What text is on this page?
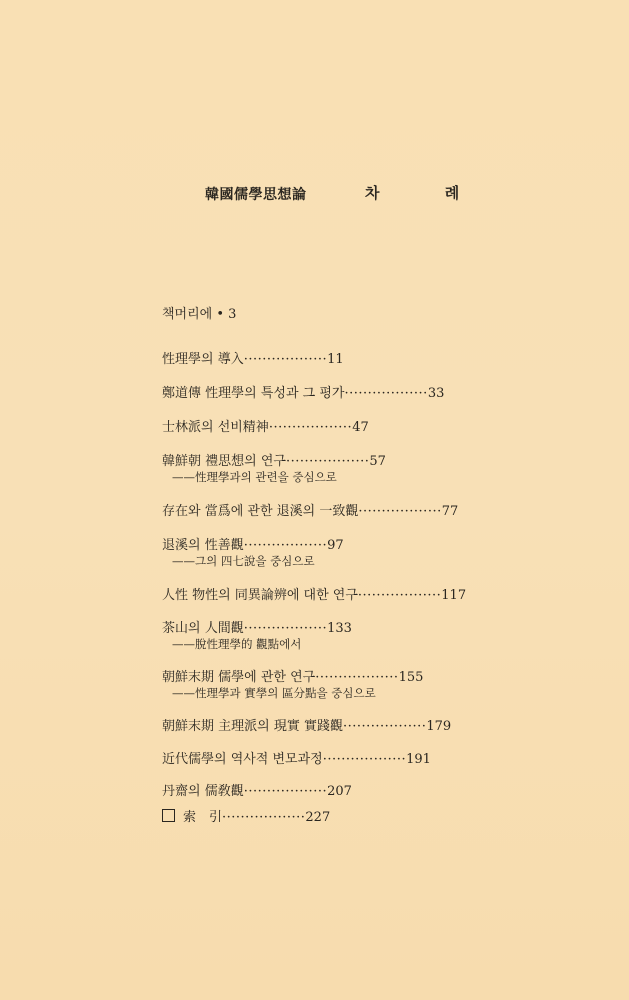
韓國儒學思想論	차 례
책머리에 • 3
性理學의 導入··················11
鄭道傳 性理學의 특성과 그 평가··················33
士林派의 선비精神··················47
韓鮮朝 禮思想의 연구··················57
——性理學과의 관련을 중심으로
存在와 當爲에 관한 退溪의 一致觀··················77
退溪의 性善觀··················97
——그의 四七說을 중심으로
人性 物性의 同異論辨에 대한 연구··················117
茶山의 人間觀··················133
——脫性理學的 觀點에서
朝鮮末期 儒學에 관한 연구··················155
——性理學과 實學의 區分點을 중심으로
朝鮮末期 主理派의 現實 實踐觀··················179
近代儒學의 역사적 변모과정··················191
丹齋의 儒敎觀··················207
索　引··················227
